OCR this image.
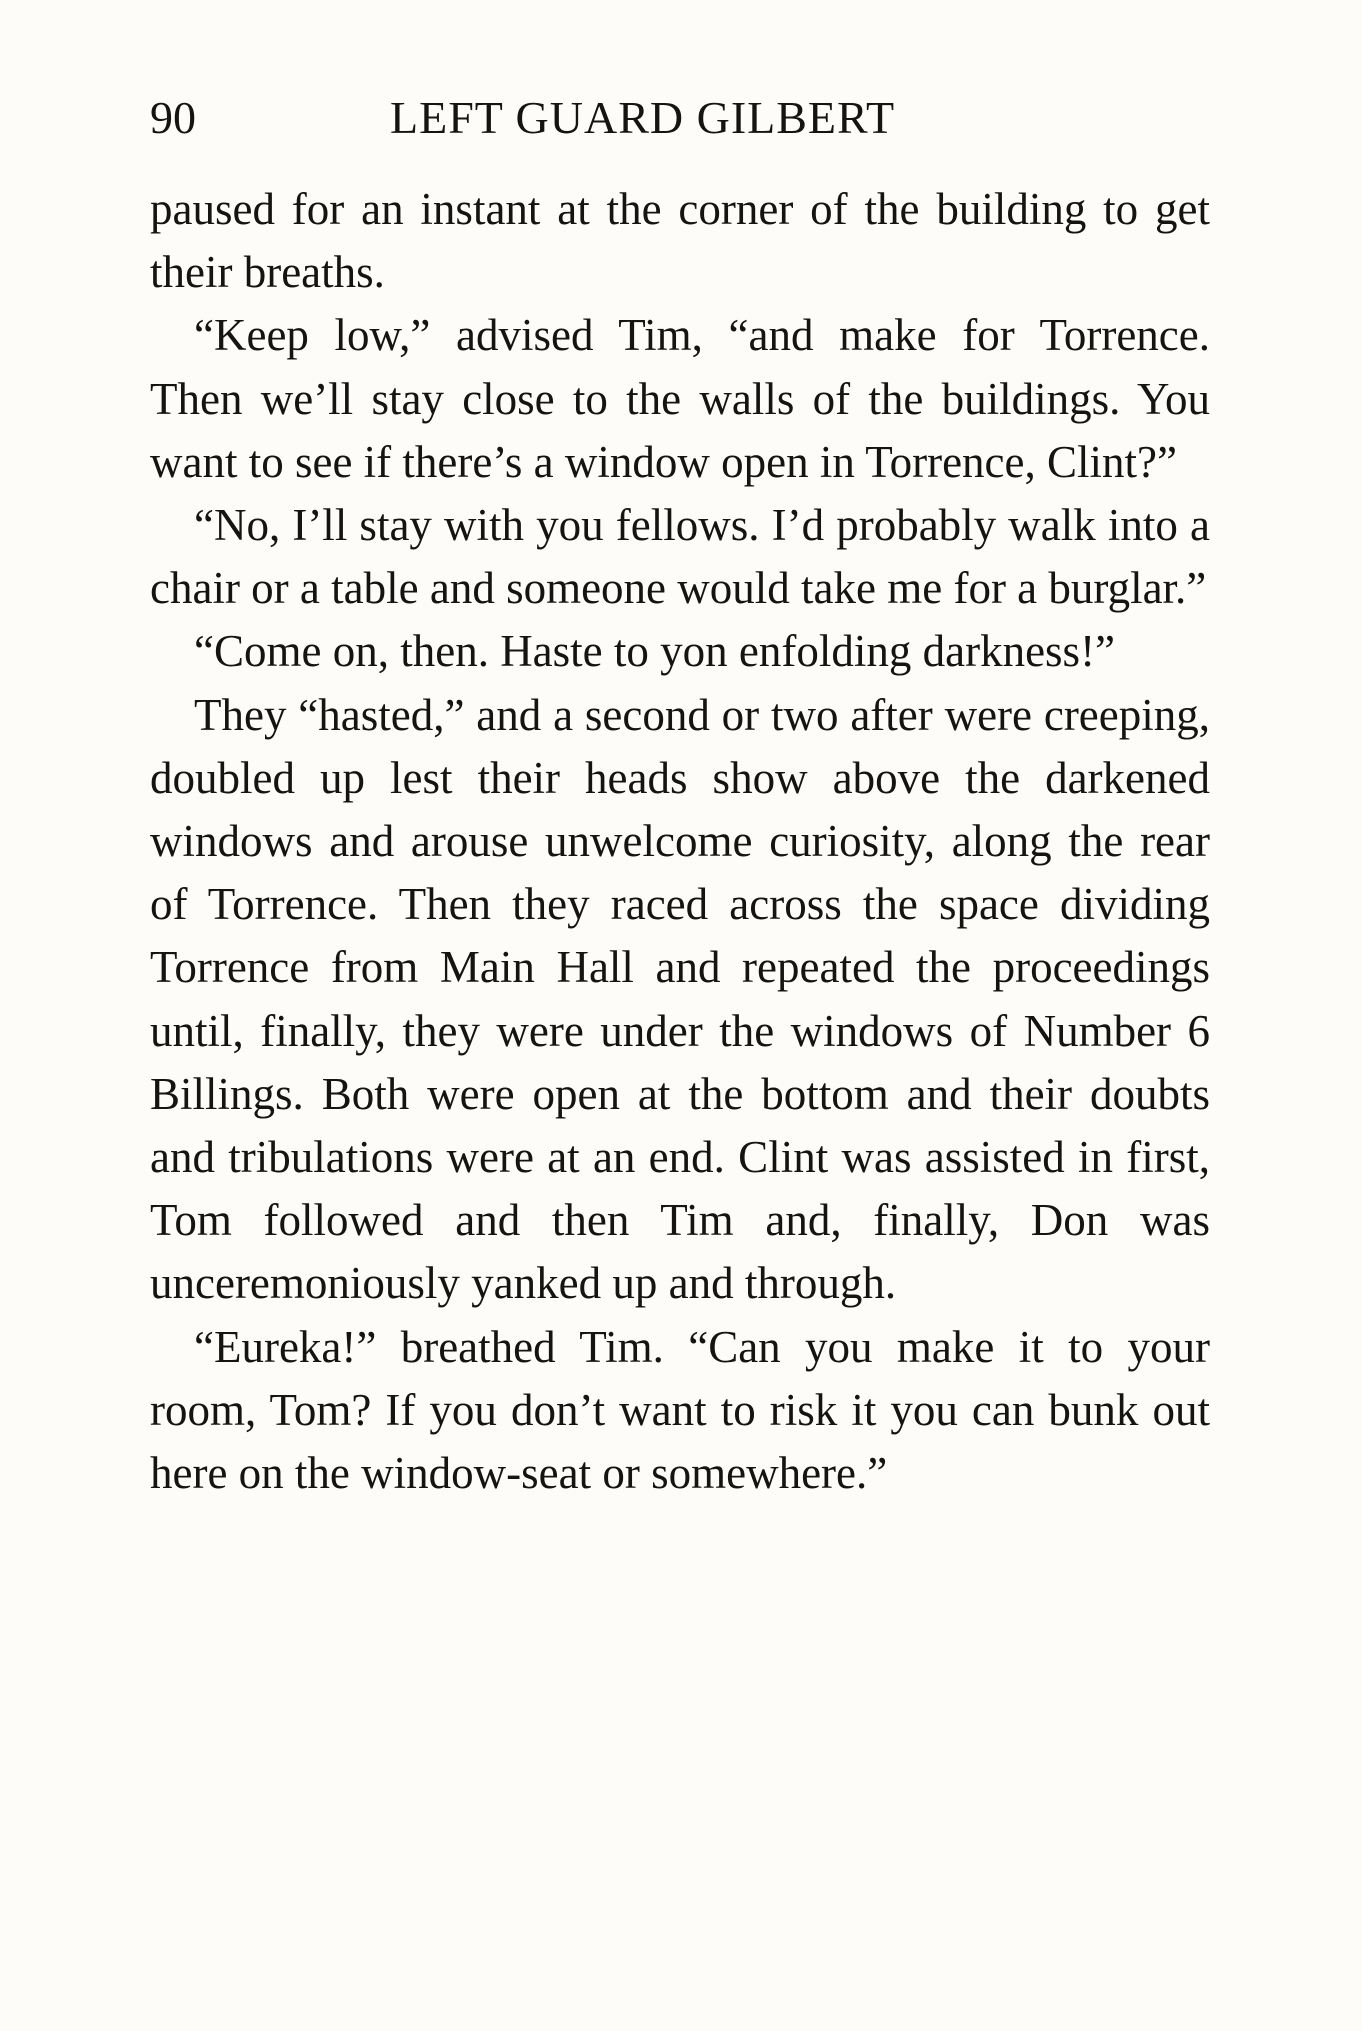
90	LEFT GUARD GILBERT

paused for an instant at the corner of the building to get their breaths.

“Keep low,” advised Tim, “and make for Torrence. Then we’ll stay close to the walls of the buildings. You want to see if there’s a window open in Torrence, Clint?”

“No, I’ll stay with you fellows. I’d probably walk into a chair or a table and someone would take me for a burglar.”

“Come on, then. Haste to yon enfolding darkness!”

They “hasted,” and a second or two after were creeping, doubled up lest their heads show above the darkened windows and arouse unwelcome curiosity, along the rear of Torrence. Then they raced across the space dividing Torrence from Main Hall and repeated the proceedings until, finally, they were under the windows of Number 6 Billings. Both were open at the bottom and their doubts and tribulations were at an end. Clint was assisted in first, Tom followed and then Tim and, finally, Don was unceremoniously yanked up and through.

“Eureka!” breathed Tim. “Can you make it to your room, Tom? If you don’t want to risk it you can bunk out here on the window-seat or somewhere.”
